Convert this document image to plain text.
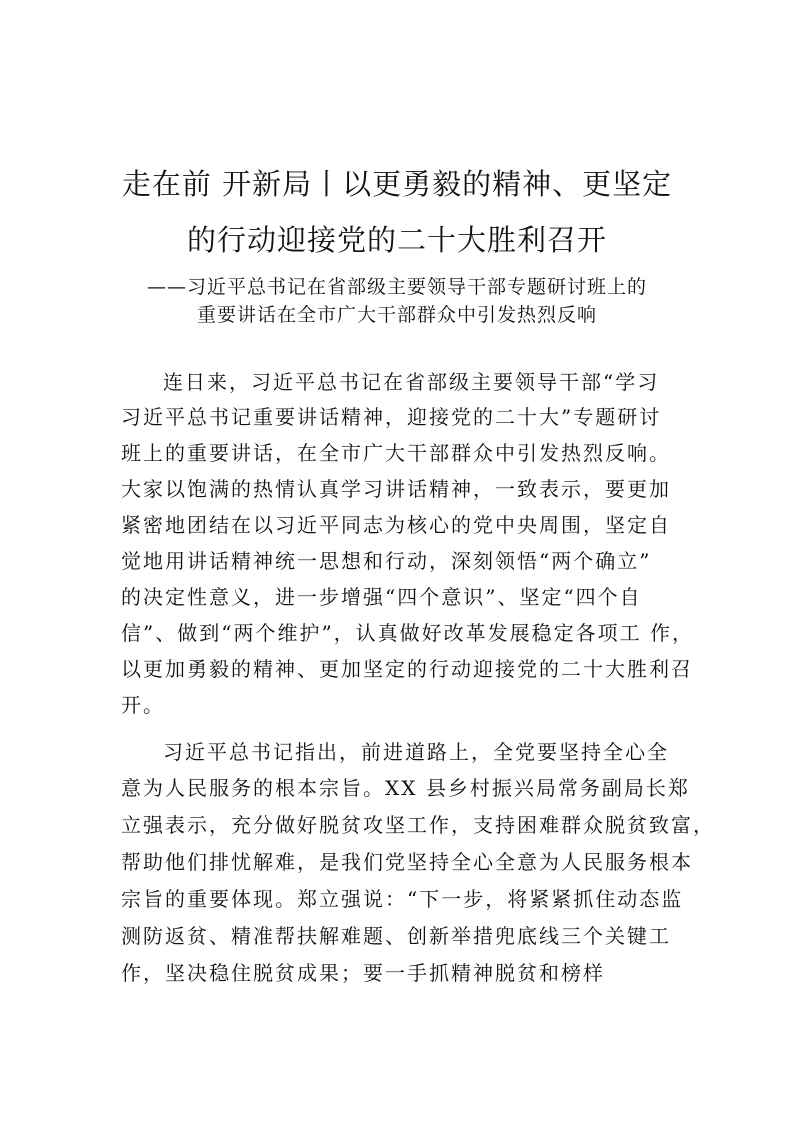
走在前 开新局丨以更勇毅的精神、更坚定
的行动迎接党的二十大胜利召开

——习近平总书记在省部级主要领导干部专题研讨班上的

重要讲话在全市广大干部群众中引发热烈反响

连日来，习近平总书记在省部级主要领导干部“学习

习近平总书记重要讲话精神，迎接党的二十大”专题研讨

班上的重要讲话，在全市广大干部群众中引发热烈反响。

大家以饱满的热情认真学习讲话精神，一致表示，要更加

紧密地团结在以习近平同志为核心的党中央周围，坚定自

觉地用讲话精神统一思想和行动，深刻领悟“两个确立”

的决定性意义，进一步增强“四个意识”、坚定“四个自

信”、做到“两个维护”，认真做好改革发展稳定各项工 作，

以更加勇毅的精神、更加坚定的行动迎接党的二十大胜利召

开。

习近平总书记指出，前进道路上，全党要坚持全心全

意为人民服务的根本宗旨。XX 县乡村振兴局常务副局长郑

立强表示，充分做好脱贫攻坚工作，支持困难群众脱贫致富，

帮助他们排忧解难，是我们党坚持全心全意为人民服务根本

宗旨的重要体现。郑立强说：“下一步，将紧紧抓住动态监

测防返贫、精准帮扶解难题、创新举措兜底线三个关键工

作，坚决稳住脱贫成果；要一手抓精神脱贫和榜样
